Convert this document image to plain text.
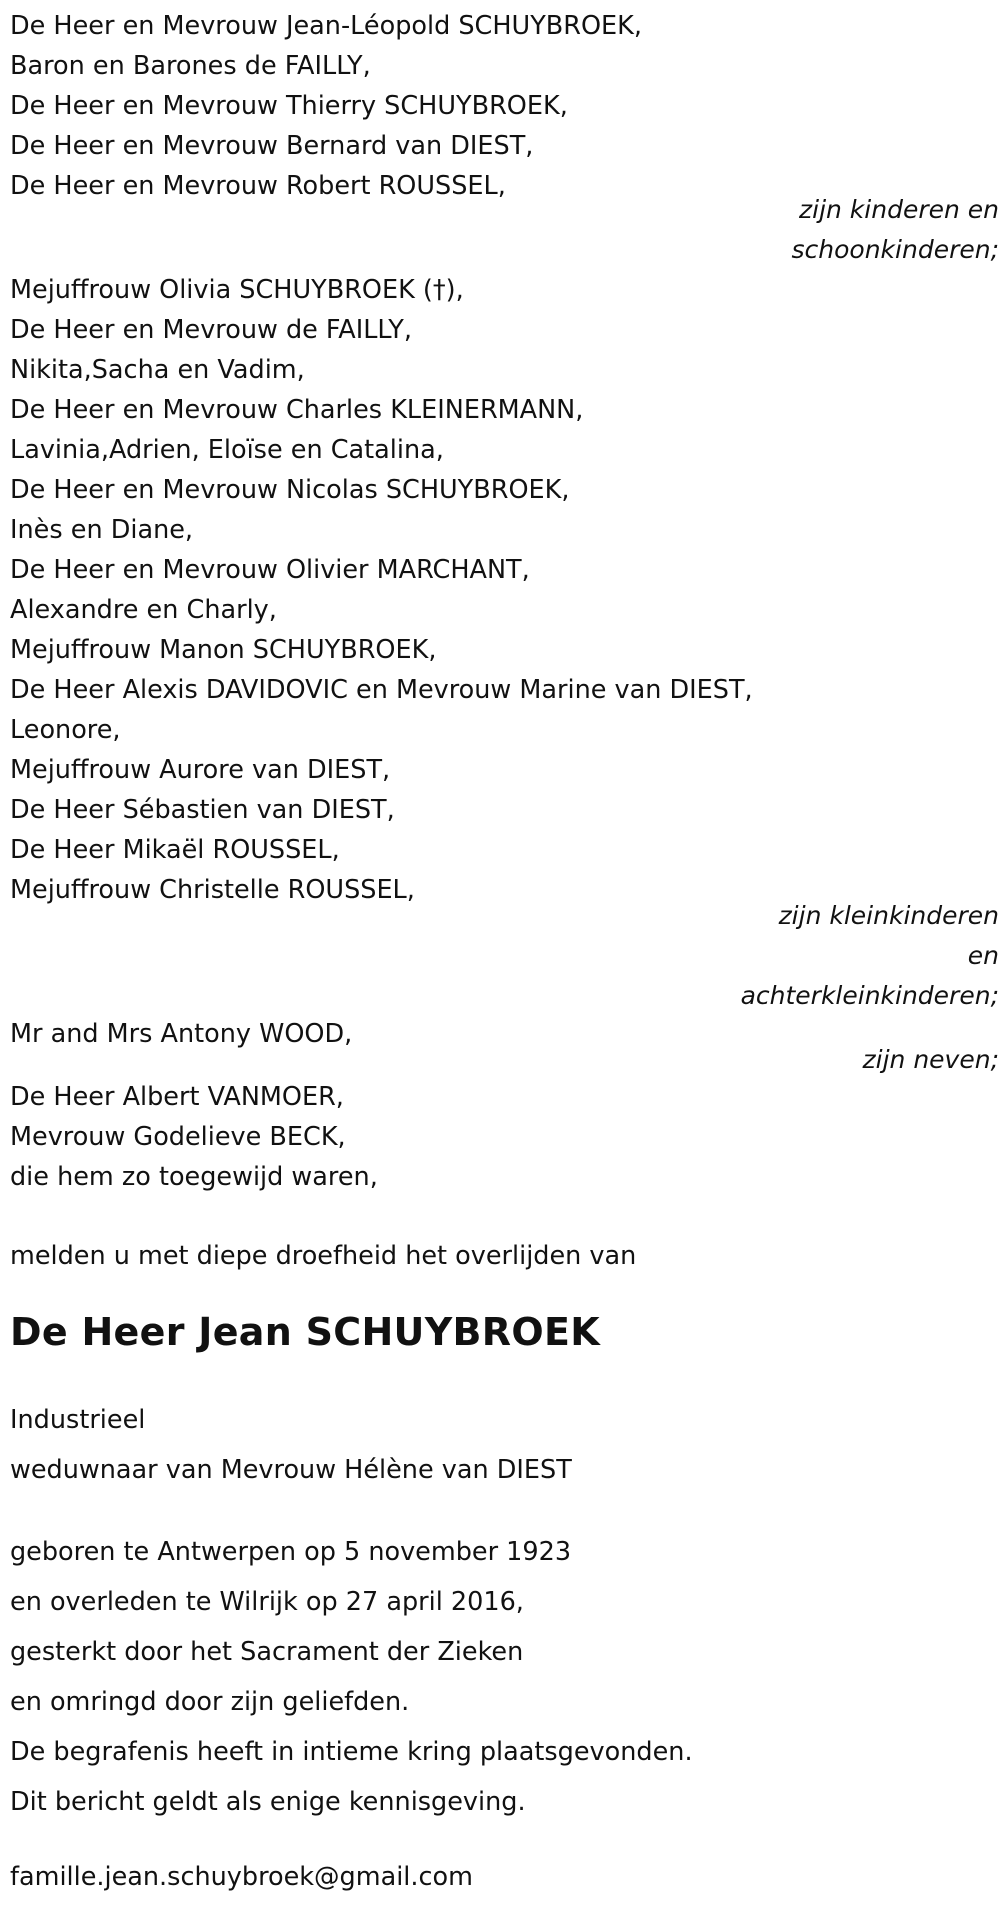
De Heer en Mevrouw Jean-Léopold SCHUYBROEK,
Baron en Barones de FAILLY,
De Heer en Mevrouw Thierry SCHUYBROEK,
De Heer en Mevrouw Bernard van DIEST,
De Heer en Mevrouw Robert ROUSSEL,
zijn kinderen en
schoonkinderen;
Mejuffrouw Olivia SCHUYBROEK (†),
De Heer en Mevrouw de FAILLY,
Nikita,Sacha en Vadim,
De Heer en Mevrouw Charles KLEINERMANN,
Lavinia,Adrien, Eloïse en Catalina,
De Heer en Mevrouw Nicolas SCHUYBROEK,
Inès en Diane,
De Heer en Mevrouw Olivier MARCHANT,
Alexandre en Charly,
Mejuffrouw Manon SCHUYBROEK,
De Heer Alexis DAVIDOVIC en Mevrouw Marine van DIEST,
Leonore,
Mejuffrouw Aurore van DIEST,
De Heer Sébastien van DIEST,
De Heer Mikaël ROUSSEL,
Mejuffrouw Christelle ROUSSEL,
zijn kleinkinderen
en
achterkleinkinderen;
Mr and Mrs Antony WOOD,
zijn neven;
De Heer Albert VANMOER,
Mevrouw Godelieve BECK,
die hem zo toegewijd waren,
melden u met diepe droefheid het overlijden van
De Heer Jean SCHUYBROEK
Industrieel
weduwnaar van Mevrouw Hélène van DIEST
geboren te Antwerpen op 5 november 1923
en overleden te Wilrijk op 27 april 2016,
gesterkt door het Sacrament der Zieken
en omringd door zijn geliefden.
De begrafenis heeft in intieme kring plaatsgevonden.
Dit bericht geldt als enige kennisgeving.
famille.jean.schuybroek@gmail.com
